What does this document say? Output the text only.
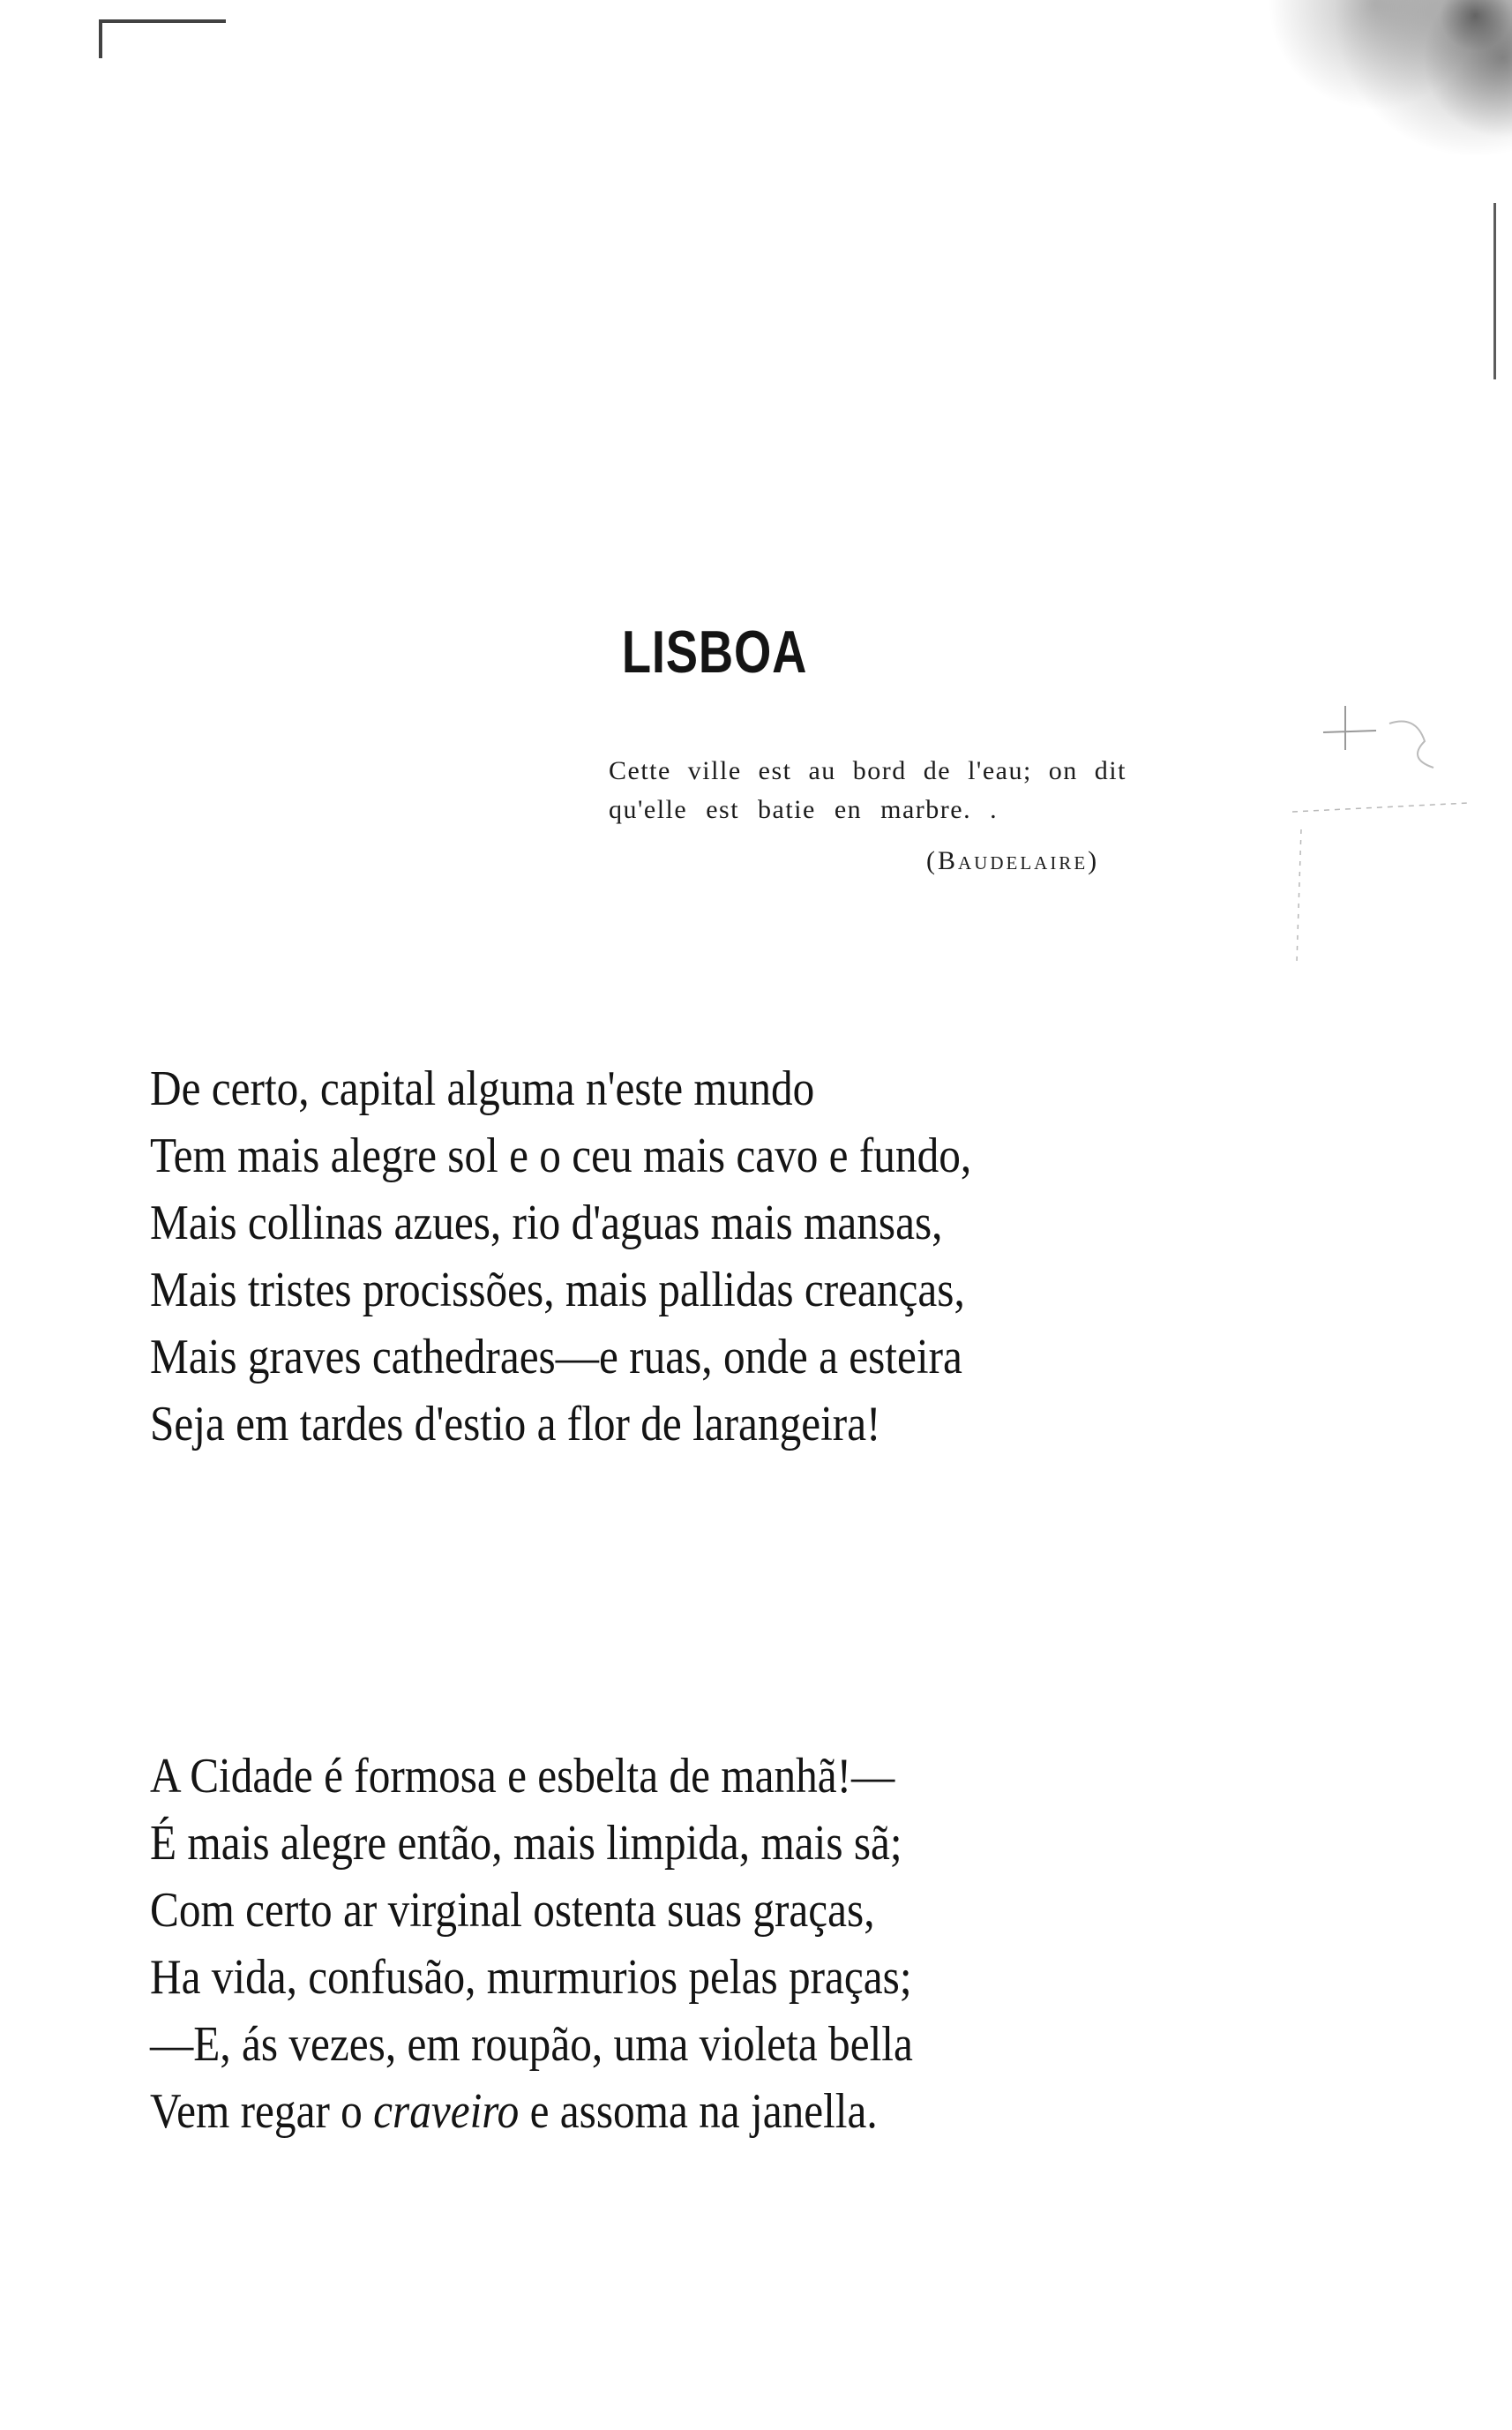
LISBOA
Cette ville est au bord de l'eau; on dit
qu'elle est batie en marbre. .
(Baudelaire)
De certo, capital alguma n'este mundo
Tem mais alegre sol e o ceu mais cavo e fundo,
Mais collinas azues, rio d'aguas mais mansas,
Mais tristes procissões, mais pallidas creanças,
Mais graves cathedraes—e ruas, onde a esteira
Seja em tardes d'estio a flor de larangeira!
A Cidade é formosa e esbelta de manhã!—
É mais alegre então, mais limpida, mais sã;
Com certo ar virginal ostenta suas graças,
Ha vida, confusão, murmurios pelas praças;
—E, ás vezes, em roupão, uma violeta bella
Vem regar o craveiro e assoma na janella.
